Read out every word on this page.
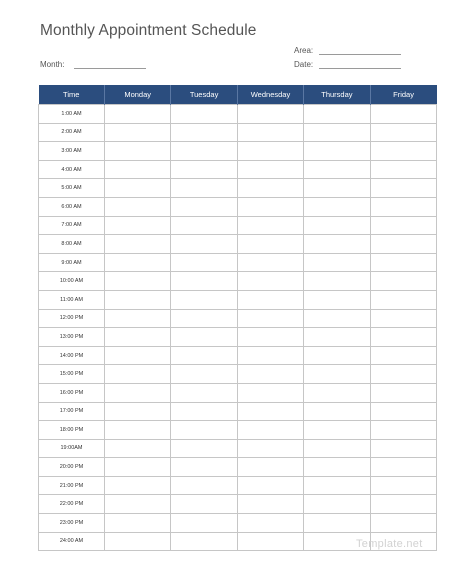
Monthly Appointment Schedule
Area:
Month:	Date:
Time	Monday	Tuesday	Wednesday	Thursday	Friday
1:00 AM					
2:00 AM					
3:00 AM					
4:00 AM					
5:00 AM					
6:00 AM					
7:00 AM					
8:00 AM					
9:00 AM					
10:00 AM					
11:00 AM					
12:00 PM					
13:00 PM					
14:00 PM					
15:00 PM					
16:00 PM					
17:00 PM					
18:00 PM					
19:00AM					
20:00 PM					
21:00 PM					
22:00 PM					
23:00 PM					
24:00 AM						Template.net
